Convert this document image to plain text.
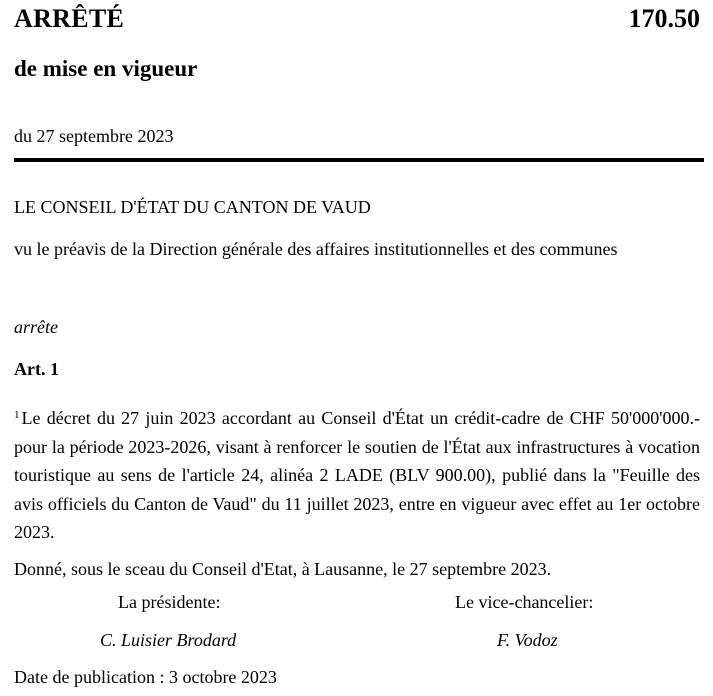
ARRÊTÉ	170.50
de mise en vigueur
du 27 septembre 2023
LE CONSEIL D'ÉTAT DU CANTON DE VAUD
vu le préavis de la Direction générale des affaires institutionnelles et des communes
arrête
Art. 1
$^1$ Le décret du 27 juin 2023 accordant au Conseil d'État un crédit-cadre de CHF 50'000'000.- pour la période 2023-2026, visant à renforcer le soutien de l'État aux infrastructures à vocation touristique au sens de l'article 24, alinéa 2 LADE (BLV 900.00), publié dans la "Feuille des avis officiels du Canton de Vaud" du 11 juillet 2023, entre en vigueur avec effet au 1er octobre 2023.
Donné, sous le sceau du Conseil d'Etat, à Lausanne, le 27 septembre 2023.
La présidente:	Le vice-chancelier:
C. Luisier Brodard	F. Vodoz
Date de publication : 3 octobre 2023
